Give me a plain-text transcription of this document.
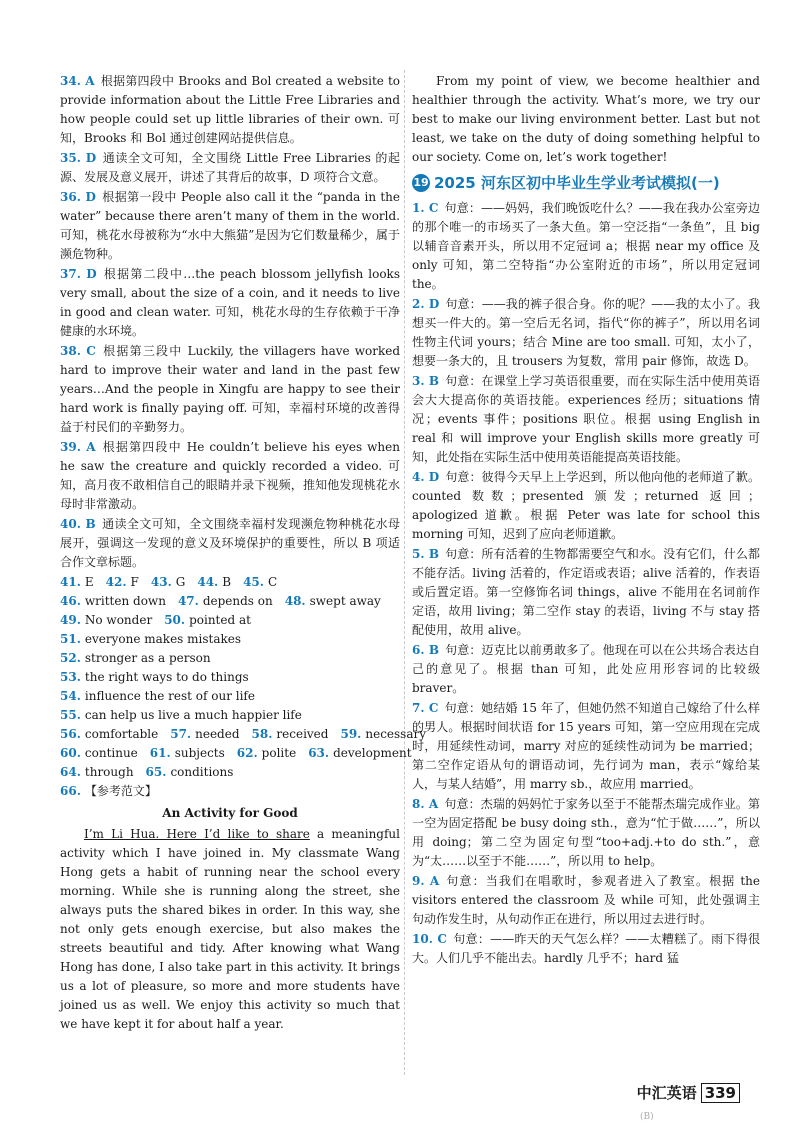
34. A 根据第四段中 Brooks and Bol created a website to provide information about the Little Free Libraries and how people could set up little libraries of their own. 可知，Brooks 和 Bol 通过创建网站提供信息。
35. D 通读全文可知，全文围绕 Little Free Libraries 的起源、发展及意义展开，讲述了其背后的故事，D 项符合文意。
36. D 根据第一段中 People also call it the “panda in the water” because there aren’t many of them in the world. 可知，桃花水母被称为“水中大熊猫”是因为它们数量稀少，属于濒危物种。
37. D 根据第二段中…the peach blossom jellyfish looks very small, about the size of a coin, and it needs to live in good and clean water. 可知，桃花水母的生存依赖于干净健康的水环境。
38. C 根据第三段中 Luckily, the villagers have worked hard to improve their water and land in the past few years…And the people in Xingfu are happy to see their hard work is finally paying off. 可知，幸福村环境的改善得益于村民们的辛勤努力。
39. A 根据第四段中 He couldn’t believe his eyes when he saw the creature and quickly recorded a video. 可知，高月夜不敢相信自己的眼睛并录下视频，推知他发现桃花水母时非常激动。
40. B 通读全文可知，全文围绕幸福村发现濒危物种桃花水母展开，强调这一发现的意义及环境保护的重要性，所以 B 项适合作文章标题。
41. E 42. F 43. G 44. B 45. C
46. written down 47. depends on 48. swept away
49. No wonder 50. pointed at
51. everyone makes mistakes
52. stronger as a person
53. the right ways to do things
54. influence the rest of our life
55. can help us live a much happier life
56. comfortable 57. needed 58. received 59. necessary
60. continue 61. subjects 62. polite 63. development
64. through 65. conditions
66. 【参考范文】
An Activity for Good

I’m Li Hua. Here I’d like to share a meaningful activity which I have joined in. My classmate Wang Hong gets a habit of running near the school every morning. While she is running along the street, she always puts the shared bikes in order. In this way, she not only gets enough exercise, but also makes the streets beautiful and tidy. After knowing what Wang Hong has done, I also take part in this activity. It brings us a lot of pleasure, so more and more students have joined us as well. We enjoy this activity so much that we have kept it for about half a year.

From my point of view, we become healthier and healthier through the activity. What’s more, we try our best to make our living environment better. Last but not least, we take on the duty of doing something helpful to our society. Come on, let’s work together!

19 2025 河东区初中毕业生学业考试模拟(一)
1. C 句意：——妈妈，我们晚饭吃什么？——我在我办公室旁边的那个唯一的市场买了一条大鱼。第一空泛指“一条鱼”，且 big 以辅音音素开头，所以用不定冠词 a；根据 near my office 及 only 可知，第二空特指“办公室附近的市场”，所以用定冠词 the。
2. D 句意：——我的裤子很合身。你的呢？——我的太小了。我想买一件大的。第一空后无名词，指代“你的裤子”，所以用名词性物主代词 yours；结合 Mine are too small. 可知，太小了，想要一条大的，且 trousers 为复数，常用 pair 修饰，故选 D。
3. B 句意：在课堂上学习英语很重要，而在实际生活中使用英语会大大提高你的英语技能。experiences 经历；situations 情况；events 事件；positions 职位。根据 using English in real 和 will improve your English skills more greatly 可知，此处指在实际生活中使用英语能提高英语技能。
4. D 句意：彼得今天早上上学迟到，所以他向他的老师道了歉。counted 数数；presented 颁发；returned 返回；apologized 道歉。根据 Peter was late for school this morning 可知，迟到了应向老师道歉。
5. B 句意：所有活着的生物都需要空气和水。没有它们，什么都不能存活。living 活着的，作定语或表语；alive 活着的，作表语或后置定语。第一空修饰名词 things，alive 不能用在名词前作定语，故用 living；第二空作 stay 的表语，living 不与 stay 搭配使用，故用 alive。
6. B 句意：迈克比以前勇敢多了。他现在可以在公共场合表达自己的意见了。根据 than 可知，此处应用形容词的比较级 braver。
7. C 句意：她结婚 15 年了，但她仍然不知道自己嫁给了什么样的男人。根据时间状语 for 15 years 可知，第一空应用现在完成时，用延续性动词，marry 对应的延续性动词为 be married；第二空作定语从句的谓语动词，先行词为 man，表示“嫁给某人，与某人结婚”，用 marry sb.，故应用 married。
8. A 句意：杰瑞的妈妈忙于家务以至于不能帮杰瑞完成作业。第一空为固定搭配 be busy doing sth.，意为“忙于做……”，所以用 doing；第二空为固定句型“too+adj.+to do sth.”，意为“太……以至于不能……”，所以用 to help。
9. A 句意：当我们在唱歌时，参观者进入了教室。根据 the visitors entered the classroom 及 while 可知，此处强调主句动作发生时，从句动作正在进行，所以用过去进行时。
10. C 句意：——昨天的天气怎么样？——太糟糕了。雨下得很大。人们几乎不能出去。hardly 几乎不；hard 猛
中汇英语 339
(B)
